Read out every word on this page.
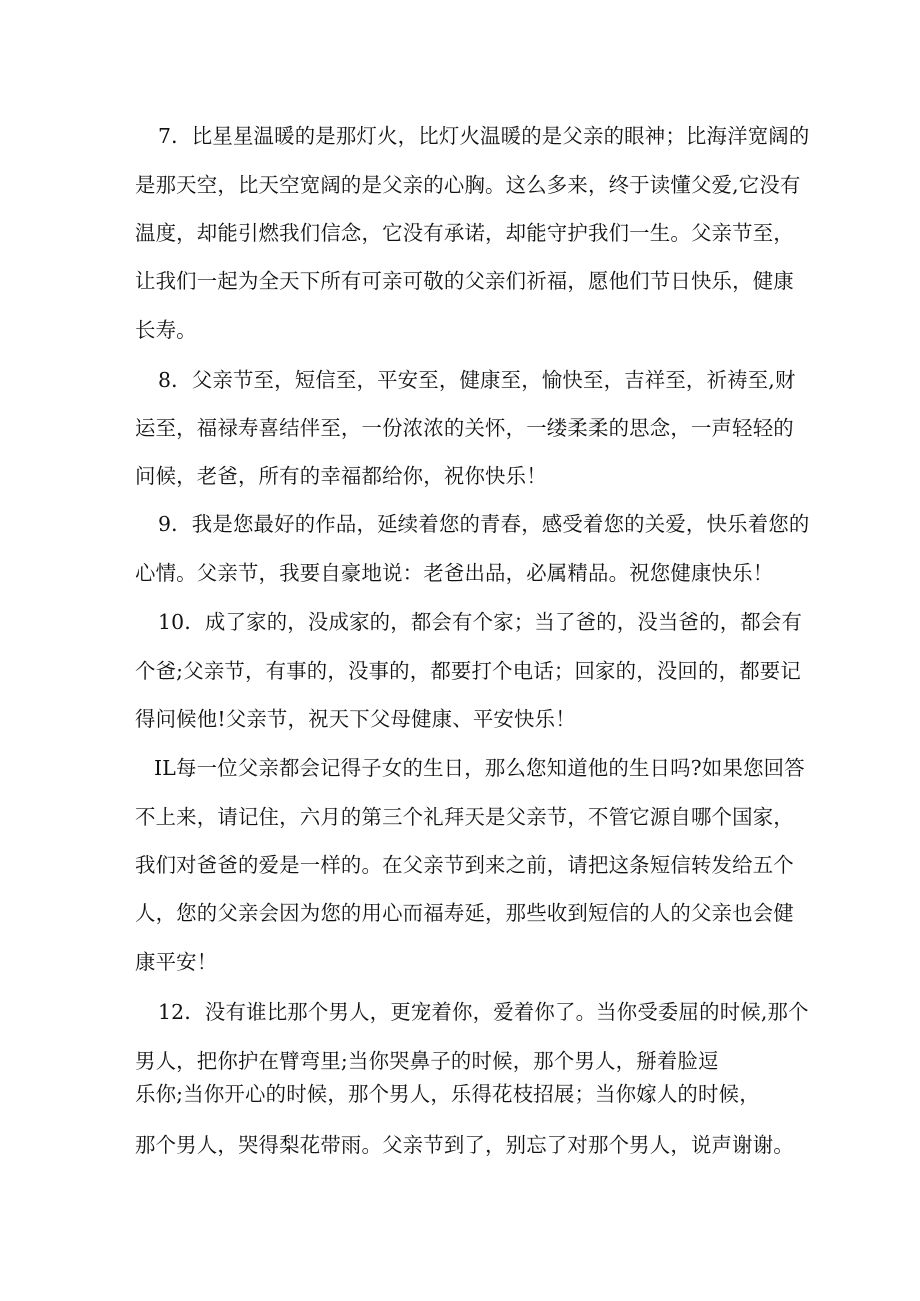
7．比星星温暖的是那灯火，比灯火温暖的是父亲的眼神；比海洋宽阔的
是那天空，比天空宽阔的是父亲的心胸。这么多来，终于读懂父爱,它没有
温度，却能引燃我们信念，它没有承诺，却能守护我们一生。父亲节至，
让我们一起为全天下所有可亲可敬的父亲们祈福，愿他们节日快乐，健康
长寿。
8．父亲节至，短信至，平安至，健康至，愉快至，吉祥至，祈祷至,财
运至，福禄寿喜结伴至，一份浓浓的关怀，一缕柔柔的思念，一声轻轻的
问候，老爸，所有的幸福都给你，祝你快乐！
9．我是您最好的作品，延续着您的青春，感受着您的关爱，快乐着您的
心情。父亲节，我要自豪地说：老爸出品，必属精品。祝您健康快乐！
10．成了家的，没成家的，都会有个家；当了爸的，没当爸的，都会有
个爸;父亲节，有事的，没事的，都要打个电话；回家的，没回的，都要记
得问候他!父亲节，祝天下父母健康、平安快乐！
IL每一位父亲都会记得子女的生日，那么您知道他的生日吗?如果您回答
不上来，请记住，六月的第三个礼拜天是父亲节，不管它源自哪个国家，
我们对爸爸的爱是一样的。在父亲节到来之前，请把这条短信转发给五个
人，您的父亲会因为您的用心而福寿延，那些收到短信的人的父亲也会健
康平安！
12．没有谁比那个男人，更宠着你，爱着你了。当你受委屈的时候,那个
男人，把你护在臂弯里;当你哭鼻子的时候，那个男人，掰着脸逗
乐你;当你开心的时候，那个男人，乐得花枝招展；当你嫁人的时候，
那个男人，哭得梨花带雨。父亲节到了，别忘了对那个男人，说声谢谢。
